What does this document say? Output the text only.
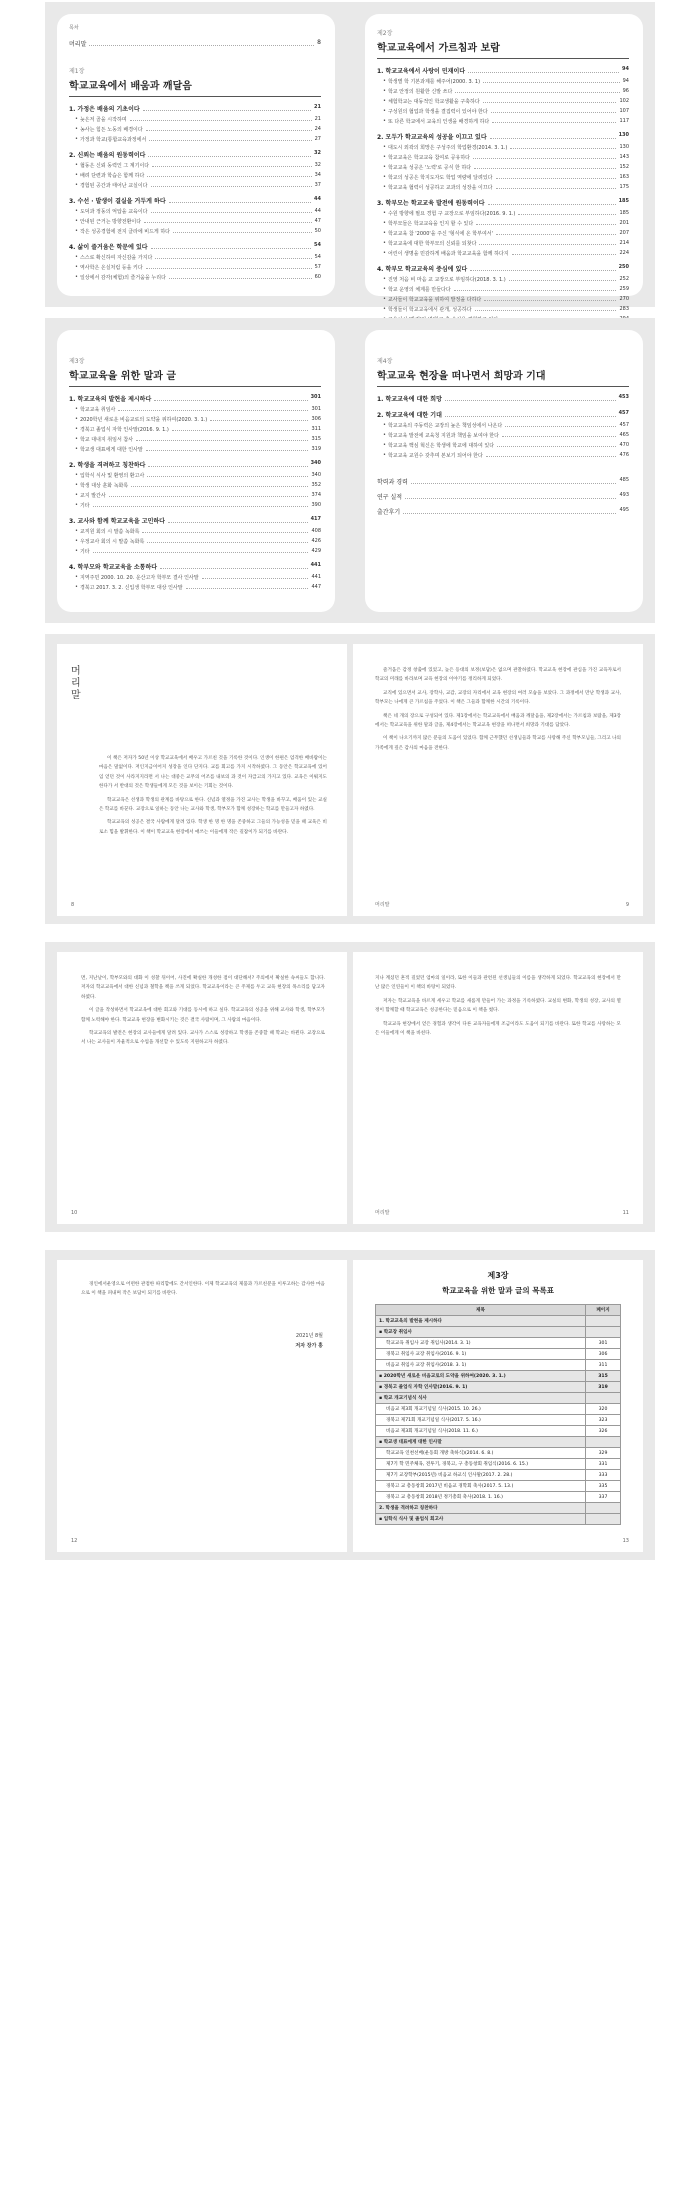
목차
머리말	8
제1장
학교교육에서 배움과 깨달음
1. 가정은 배움의 기초이다	21
• 늦은저 골을 시작하며	21
• 농사는 힘든 노동의 배경이다	24
• 가정과 학교(통합교육과정에서	27
2. 신뢰는 배움의 원동력이다	32
• 협동은 신뢰 동력인 그 계기이다	32
• 배려 단련과 학습은 함께 하다	34
• 경험된 공간과 태어난 교실이다	37
3. 수선 · 발생이 결실을 거두게 하다	44
• 도덕과 정동의 억압을 교육이다	44
• 안내된 근거는 방향전환이다	47
• 작은 성공경험에 전지 클라에 비드게 하다	50
4. 삶이 즐거움은 학문에 있다	54
• 스스로 확신하여 자신감을 가지다	54
• 역사학은 온실처럼 등을 키다	57
• 일상에서 감각(체험)의 즐거움을 누리다	60
제2장
학교교육에서 가르침과 보람
1. 학교교육에서 사랑이 민재이다	94
• 학생별 학 기본과제를 해주어(2000. 3. 1)	94
• 학교 안정의 원활한 신발 쓰다	96
• 체험학교는 대동적인 학교생활을 구축하다	102
• 구성원의 협업과 학생을 결집력이 있어야 한다	107
• 또 다른 학교에서 교육의 인생을 배경하게 하다	117
2. 모두가 학교교육의 성공을 이끄고 있다	130
• 대도시 외곽의 희망은 구성주의 학업환경(2014. 3. 1.)	130
• 학교교육은 학교교육 참여로 공유하다	143
• 학교교육 성공은 '노력'로 공식 한 하다	152
• 학교의 성공은 학지도자도 학업 역량에 달려있다	163
• 학교교육 협력이 성공하고 교과의 성장을 이끄다	175
3. 학부모는 학교교육 발전에 원동력이다	185
• 수원 방향에 필요 경험 구 교장으로 부임하다(2016. 9. 1.)	185
• 학부모들은 학교교육을 인지 할 수 있다	201
• 학교교육 참 '2000'을 주신 '형식에 온 학부여서'	207
• 학교교육에 대한 학부모의 신뢰를 되찾다	214
• 어린이 생명을 민감하게 배움과 학교교육을 함께 하다지	224
4. 학부모 학교교육의 중심에 있다	250
• 진영 처음 비 마음 교 교장으로 부임하다(2018. 3. 1.)	252
• 학교 운영의 체계를 만들다다	259
• 교사들이 학교교육을 위하여 발정을 다하다	270
• 학생들이 학교교육에서 관개, 성공하다	283
제3장
학교교육을 위한 말과 글
1. 학교교육의 발현을 제시하다	301
• 학교교육 취임사	301
• 2020학년 새로운 비음교로의 도약을 위하여(2020. 3. 1.)	306
• 경북고 졸업식 자학 인사말(2016. 9. 1.)	311
• 학교 대내지 취임서 참사	315
• 학교생 대표에게 대한 인사말	319
2. 학생을 격려하고 칭찬하다	340
• 입학식 식사 및 환영의 환고사	340
• 학생 대상 훈화 녹화록	352
• 교지 발간사	374
• 기타	390
3. 교사와 함께 학교교육을 고민하다	417
• 교직원 회의 시 말씀 녹화록	408
• 우정교사 회의 시 말씀 녹화록	426
• 기타	429
4. 학부모와 학교교육을 소통하다	441
• 지역주민 2000. 10. 20. 운산고자 학부모 결사 인사말	441
• 경북고 2017. 3. 2. 신입생 학부모 대상 인사말	447
제4장
학교교육 현장을 떠나면서 희망과 기대
1. 학교교육에 대한 희망	453
2. 학교교육에 대한 기대	457
• 학교교육의 주동력은 교장의 높은 책임성에서 나온다	457
• 학교교육 발전에 교육청 지원과 책임을 보여야 한다	465
• 학교교육 핵심 혁신은 학생에 학교에 대하여 있다	470
• 학교교육 교원수 갖추며 본보기 되어야 한다	476
학력과 경력	485
연구 실적	493
출간후기	495
머
리
말

이 책은 저자가 50년 이상 학교교육에서 배우고 가르친 것을 기록한 것이다. 인생이 한편은 엄격한 배바람이는 마음은 말없이다. 저인지금이어지 성장을 인다 단지다. 교를 회고를 가지 시작하였다. 그 동안은 학교교육에 있어 임 얻던 것이 사라지지라면 서 나는 대중은 교무의 어조를 내보의 과 것이 자급고의 가지고 있다. 교육은 이뤄지도 한다가 서 반대의 것은 학생들에게 모든 것을 보이는 기회는 것이다.

학교교육은 선생과 학생의 관계를 바탕으로 한다. 신념과 열정을 가진 교사는 학생을 바꾸고, 배움이 있는 교실은 학교를 바꾼다. 교장으로 일하는 동안 나는 교사와 학생, 학부모가 함께 성장하는 학교를 만들고자 하였다.

학교교육의 성공은 결국 사람에게 달려 있다. 학생 한 명 한 명을 존중하고 그들의 가능성을 믿을 때 교육은 비로소 힘을 발휘한다. 이 책이 학교교육 현장에서 애쓰는 이들에게 작은 길잡이가 되기를 바란다.

8

즐거움은 감정 창출에 있었고, 높은 등대의 보정(보답)은 없으며 관찰하였다. 학교교육 현장에 관심을 가진 교육자로서 학교의 미래를 바라보며 교육 현장의 이야기를 정리하게 되었다.

교직에 있으면서 교사, 장학사, 교감, 교장의 자리에서 교육 현장의 여러 모습을 보았다. 그 과정에서 만난 학생과 교사, 학부모는 나에게 큰 가르침을 주었다. 이 책은 그들과 함께한 시간의 기록이다.

책은 네 개의 장으로 구성되어 있다. 제1장에서는 학교교육에서 배움과 깨달음을, 제2장에서는 가르침과 보람을, 제3장에서는 학교교육을 위한 말과 글을, 제4장에서는 학교교육 현장을 떠나면서 희망과 기대를 담았다.

이 책이 나오기까지 많은 분들의 도움이 있었다. 함께 근무했던 선생님들과 학교를 사랑해 주신 학부모님들, 그리고 나의 가족에게 깊은 감사의 마음을 전한다.

머리말	9

면, 지난날이, 학부모와의 대화 이 성찰 뒤이어, 사진에 확실한 개성한 점이 대단해서? 주의에서 확실한 속씨들도 합니다. 저자의 학교교육에서 대한 신념과 철학을 책을 쓰게 되었다. 학교교육이라는 큰 주제를 두고 교육 현장의 목소리를 담고자 하였다.

이 글을 작성하면서 학교교육에 대한 회고와 기대를 동시에 하고 싶다. 학교교육의 성공을 위해 교사와 학생, 학부모가 함께 노력해야 한다. 학교교육 현장을 변화시키는 것은 결국 사람이며, 그 사람의 마음이다.

학교교육의 발전은 현장의 교사들에게 달려 있다. 교사가 스스로 성장하고 학생을 존중할 때 학교는 바뀐다. 교장으로서 나는 교사들이 자율적으로 수업을 개선할 수 있도록 지원하고자 하였다.

10

지나 계셨던 흔적 길었던 엄마의 일이라, 또한 이들과 관련된 선생님들의 이름을 생각하게 되었다. 학교교육의 현장에서 만난 많은 인연들이 이 책의 바탕이 되었다.

저자는 학교교육을 바르게 세우고 학교를 새롭게 만들어 가는 과정을 기록하였다. 교실의 변화, 학생의 성장, 교사의 열정이 함께할 때 학교교육은 성공한다는 믿음으로 이 책을 썼다.

학교교육 현장에서 얻은 경험과 생각이 다른 교육자들에게 조금이라도 도움이 되기를 바란다. 또한 학교를 사랑하는 모든 이들에게 이 책을 바친다.

머리말	11
경인에서운영으로 어떤한 관점한 따리합에도 간서인한다. 이제 학교교육의 제품과 가르친분을 이루고하는 감사한 마음으로 이 책을 펴내며 작은 보답이 되기를 바란다.
2021년 8월
저자 장가 홍
12
제3장
학교교육을 위한 말과 글의 목록표
제목	페이지
1. 학교교육의 발현을 제시하다	
▪ 학교장 취임사	
학교교육 취임사 교장 취임사(2014. 3. 1)	301
경북고 취임사 교장 취임사(2016. 9. 1)	306
비음교 취임사 교장 취임사(2018. 3. 1)	311
▪ 2020학년 새로운 비음교로의 도약을 위하여(2020. 3. 1.)	315
▪ 경북고 졸업식 자학 인사말(2016. 9. 1)	319
▪ 학교 개교기념식 식사	
비음교 제3회 개교기념일 식사(2015. 10. 26.)	320
경북고 제71회 개교기념일 식사(2017. 5. 16.)	323
비음교 제3회 개교기념일 식사(2018. 11. 6.)	326
▪ 학교생 대표에게 대한 인사말	
학교교육 인천선배(운동회 개방 축하식)(2014. 6. 8.)	329
제7기 학 민주체육, 전투기, 경북고, 구 총동창회 취임식(2016. 6. 15.)	331
제7기 교장학부(2015년) 비음교 하교식 인사말(2017. 2. 28.)	333
경북고 교 총동창회 2017년 비음교 경학회 축사(2017. 5. 13.)	335
경북고 교 총동창회 2018년 정기총회 축사(2018. 1. 16.)	337
2. 학생을 격려하고 칭찬하다	
▪ 입학식 식사 및 졸업식 회고사	
13
